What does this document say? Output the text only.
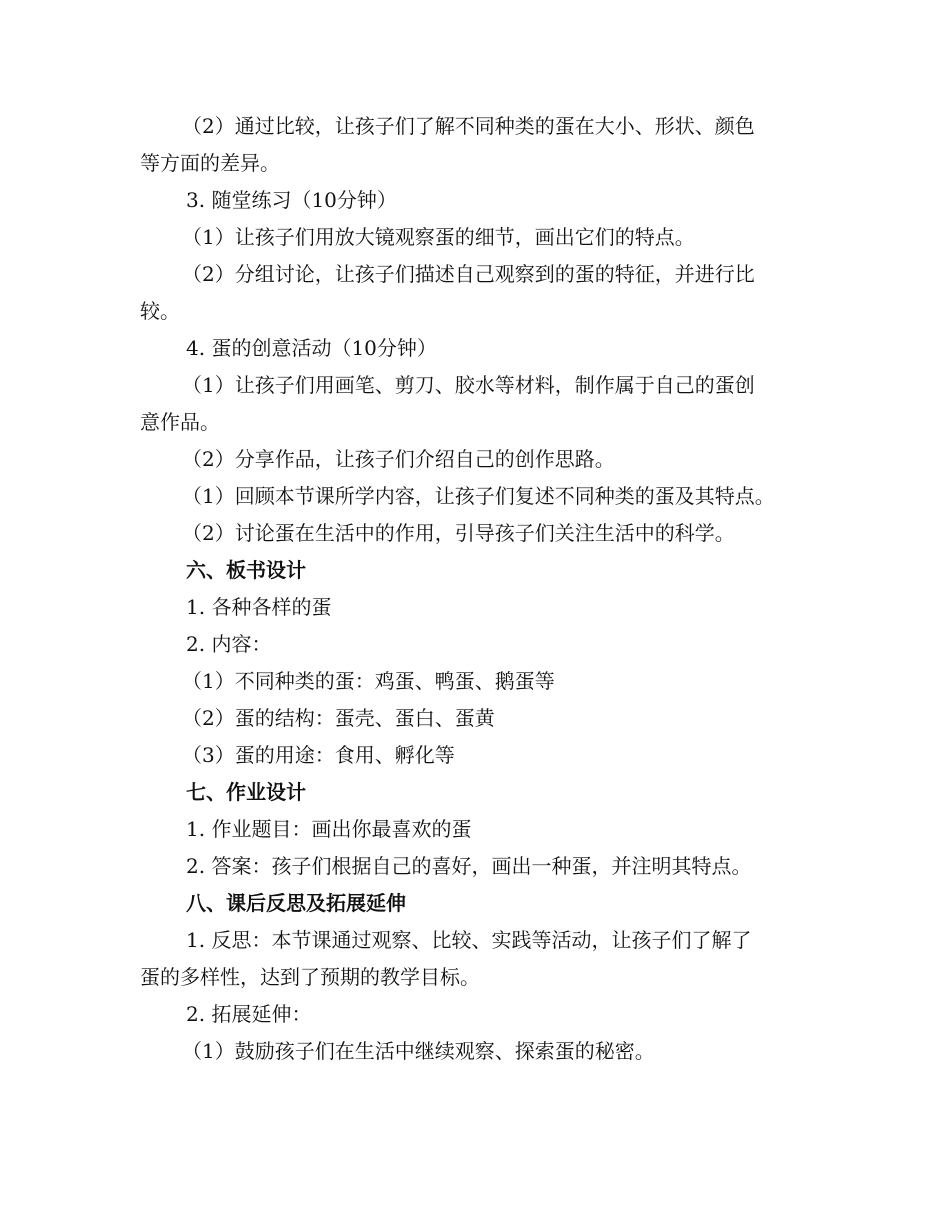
（2）通过比较，让孩子们了解不同种类的蛋在大小、形状、颜色
等方面的差异。
3. 随堂练习（10分钟）
（1）让孩子们用放大镜观察蛋的细节，画出它们的特点。
（2）分组讨论，让孩子们描述自己观察到的蛋的特征，并进行比
较。
4. 蛋的创意活动（10分钟）
（1）让孩子们用画笔、剪刀、胶水等材料，制作属于自己的蛋创
意作品。
（2）分享作品，让孩子们介绍自己的创作思路。
（1）回顾本节课所学内容，让孩子们复述不同种类的蛋及其特点。
（2）讨论蛋在生活中的作用，引导孩子们关注生活中的科学。
六、板书设计
1. 各种各样的蛋
2. 内容：
（1）不同种类的蛋：鸡蛋、鸭蛋、鹅蛋等
（2）蛋的结构：蛋壳、蛋白、蛋黄
（3）蛋的用途：食用、孵化等
七、作业设计
1. 作业题目：画出你最喜欢的蛋
2. 答案：孩子们根据自己的喜好，画出一种蛋，并注明其特点。
八、课后反思及拓展延伸
1. 反思：本节课通过观察、比较、实践等活动，让孩子们了解了
蛋的多样性，达到了预期的教学目标。
2. 拓展延伸：
（1）鼓励孩子们在生活中继续观察、探索蛋的秘密。
